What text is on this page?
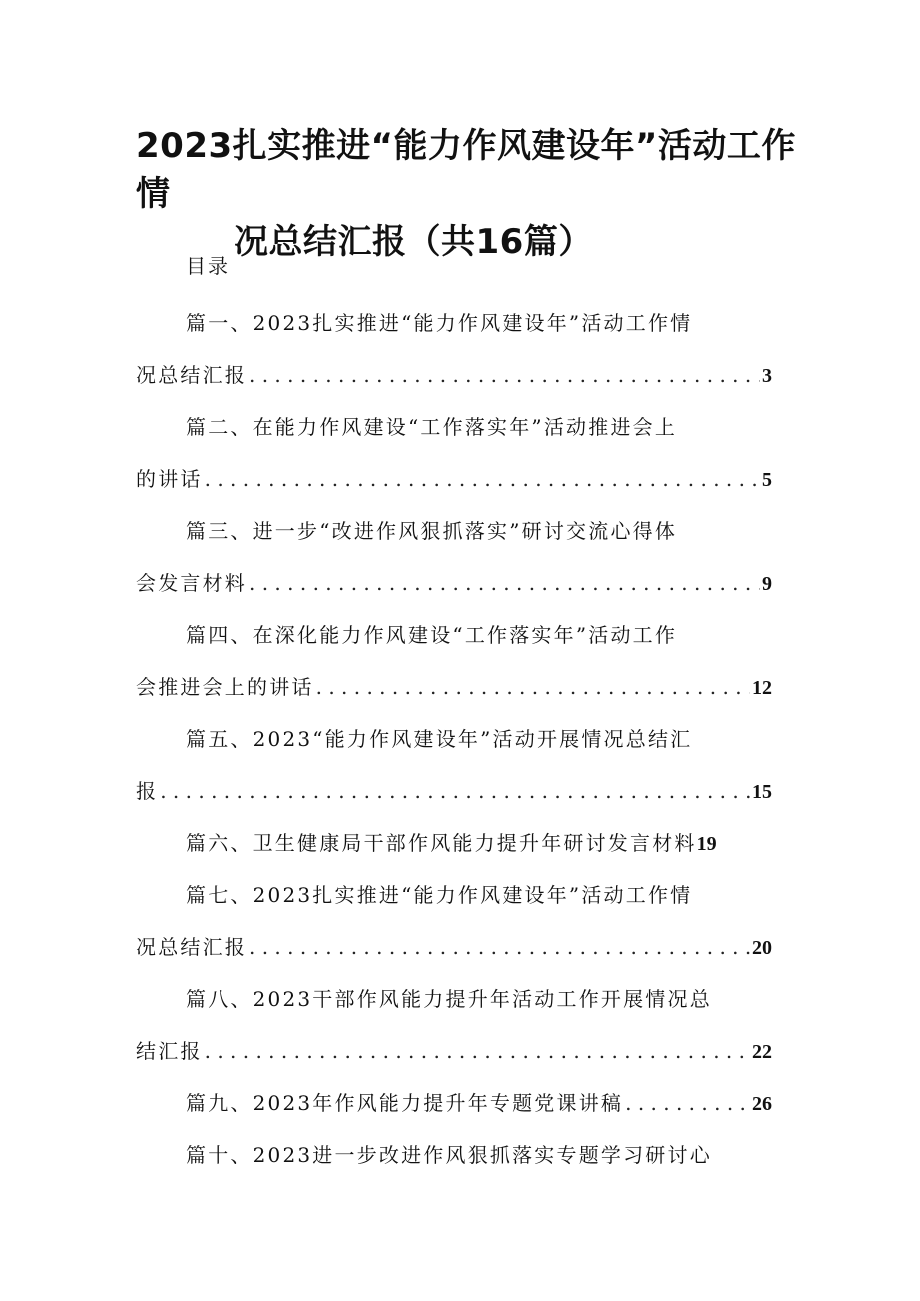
2023扎实推进“能力作风建设年”活动工作情
况总结汇报（共16篇）
目录
篇一、2023扎实推进“能力作风建设年”活动工作情
况总结汇报 . . .	3
篇二、在能力作风建设“工作落实年”活动推进会上
的讲话 . . .	5
篇三、进一步“改进作风狠抓落实”研讨交流心得体
会发言材料 . . .	9
篇四、在深化能力作风建设“工作落实年”活动工作
会推进会上的讲话 . . .	12
篇五、2023“能力作风建设年”活动开展情况总结汇
报 . . .	15
篇六、卫生健康局干部作风能力提升年研讨发言材料 19
篇七、2023扎实推进“能力作风建设年”活动工作情
况总结汇报 . . .	20
篇八、2023干部作风能力提升年活动工作开展情况总
结汇报 . . .	22
篇九、2023年作风能力提升年专题党课讲稿 . . .	26
篇十、2023进一步改进作风狠抓落实专题学习研讨心
